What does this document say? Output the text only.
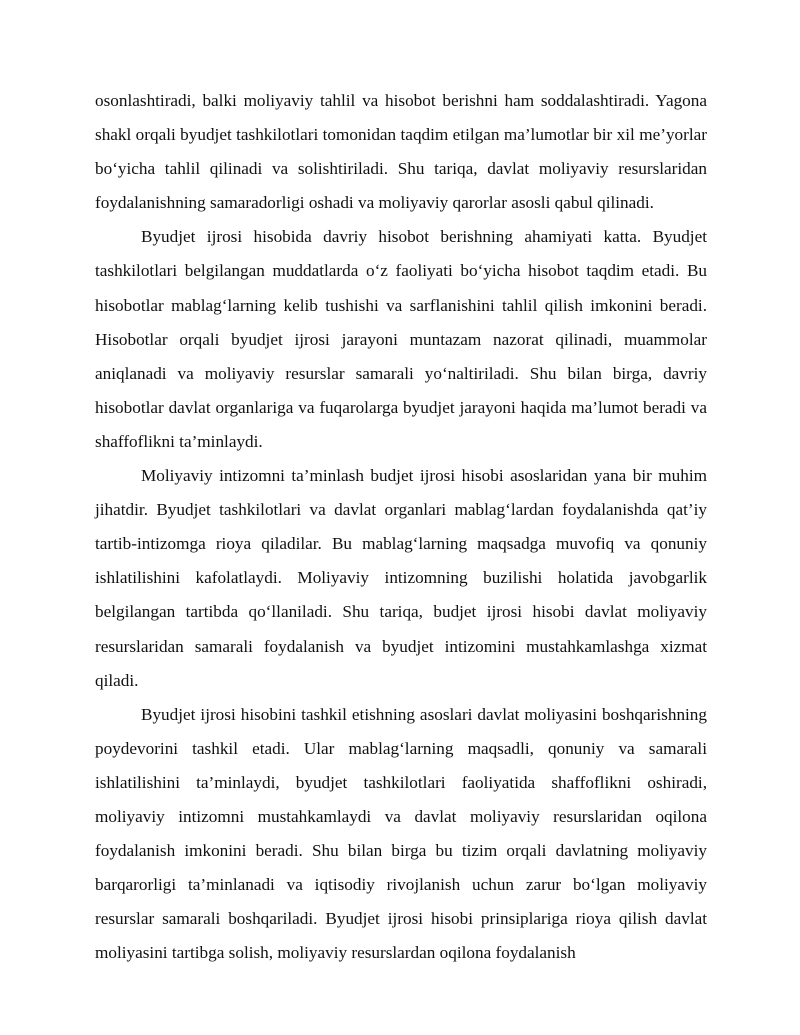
osonlashtiradi, balki moliyaviy tahlil va hisobot berishni ham soddalashtiradi. Yagona shakl orqali byudjet tashkilotlari tomonidan taqdim etilgan ma’lumotlar bir xil me’yorlar bo‘yicha tahlil qilinadi va solishtiriladi. Shu tariqa, davlat moliyaviy resurslaridan foydalanishning samaradorligi oshadi va moliyaviy qarorlar asosli qabul qilinadi.

Byudjet ijrosi hisobida davriy hisobot berishning ahamiyati katta. Byudjet tashkilotlari belgilangan muddatlarda o‘z faoliyati bo‘yicha hisobot taqdim etadi. Bu hisobotlar mablag‘larning kelib tushishi va sarflanishini tahlil qilish imkonini beradi. Hisobotlar orqali byudjet ijrosi jarayoni muntazam nazorat qilinadi, muammolar aniqlanadi va moliyaviy resurslar samarali yo‘naltiriladi. Shu bilan birga, davriy hisobotlar davlat organlariga va fuqarolarga byudjet jarayoni haqida ma’lumot beradi va shaffoflikni ta’minlaydi.

Moliyaviy intizomni ta’minlash budjet ijrosi hisobi asoslaridan yana bir muhim jihatdir. Byudjet tashkilotlari va davlat organlari mablag‘lardan foydalanishda qat’iy tartib-intizomga rioya qiladilar. Bu mablag‘larning maqsadga muvofiq va qonuniy ishlatilishini kafolatlaydi. Moliyaviy intizomning buzilishi holatida javobgarlik belgilangan tartibda qo‘llaniladi. Shu tariqa, budjet ijrosi hisobi davlat moliyaviy resurslaridan samarali foydalanish va byudjet intizomini mustahkamlashga xizmat qiladi.

Byudjet ijrosi hisobini tashkil etishning asoslari davlat moliyasini boshqarishning poydevorini tashkil etadi. Ular mablag‘larning maqsadli, qonuniy va samarali ishlatilishini ta’minlaydi, byudjet tashkilotlari faoliyatida shaffoflikni oshiradi, moliyaviy intizomni mustahkamlaydi va davlat moliyaviy resurslaridan oqilona foydalanish imkonini beradi. Shu bilan birga bu tizim orqali davlatning moliyaviy barqarorligi ta’minlanadi va iqtisodiy rivojlanish uchun zarur bo‘lgan moliyaviy resurslar samarali boshqariladi. Byudjet ijrosi hisobi prinsiplariga rioya qilish davlat moliyasini tartibga solish, moliyaviy resurslardan oqilona foydalanish
